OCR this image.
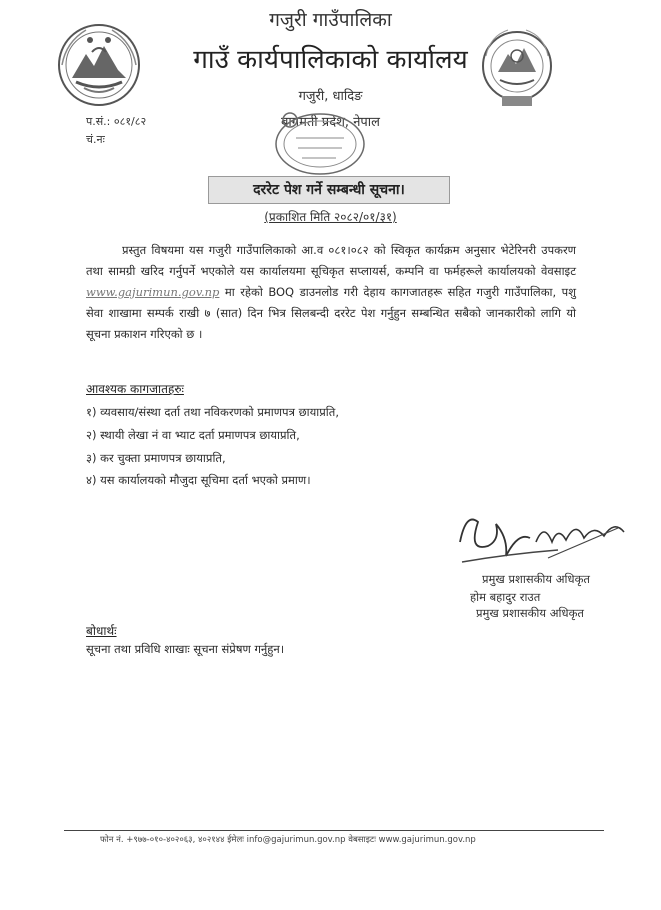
गजुरी गाउँपालिका
गाउँ कार्यपालिकाको कार्यालय
गजुरी, धादिङ
बागमती प्रदेश, नेपाल
प.सं.: ०८१/८२
चं.नः
दररेट पेश गर्ने सम्बन्धी सूचना।
(प्रकाशित मिति २०८२/०१/३१)
प्रस्तुत विषयमा यस गजुरी गाउँपालिकाको आ.व ०८१।०८२ को स्विकृत कार्यक्रम अनुसार भेटेरिनरी उपकरण तथा सामग्री खरिद गर्नुपर्ने भएकोले यस कार्यालयमा सूचिकृत सप्लायर्स, कम्पनि वा फर्महरूले कार्यालयको वेवसाइट www.gajurimun.gov.np मा रहेको BOQ डाउनलोड गरी देहाय कागजातहरू सहित गजुरी गाउँपालिका, पशु सेवा शाखामा सम्पर्क राखी ७ (सात) दिन भित्र सिलबन्दी दररेट पेश गर्नुहुन सम्बन्धित सबैको जानकारीको लागि यो सूचना प्रकाशन गरिएको छ ।
आवश्यक कागजातहरुः
१) व्यवसाय/संस्था दर्ता तथा नविकरणको प्रमाणपत्र छायाप्रति,
२) स्थायी लेखा नं वा भ्याट दर्ता प्रमाणपत्र छायाप्रति,
३) कर चुक्ता प्रमाणपत्र छायाप्रति,
४) यस कार्यालयको मौजुदा सूचिमा दर्ता भएको प्रमाण।
प्रमुख प्रशासकीय अधिकृत
होम बहादुर राउत
प्रमुख प्रशासकीय अधिकृत
बोधार्थः
सूचना तथा प्रविधि शाखाः सूचना संप्रेषण गर्नुहुन।
फोन नं. +९७७-०१०-४०२०६३, ४०२१४४ ईमेलः info@gajurimun.gov.np वेबसाइटः www.gajurimun.gov.np
